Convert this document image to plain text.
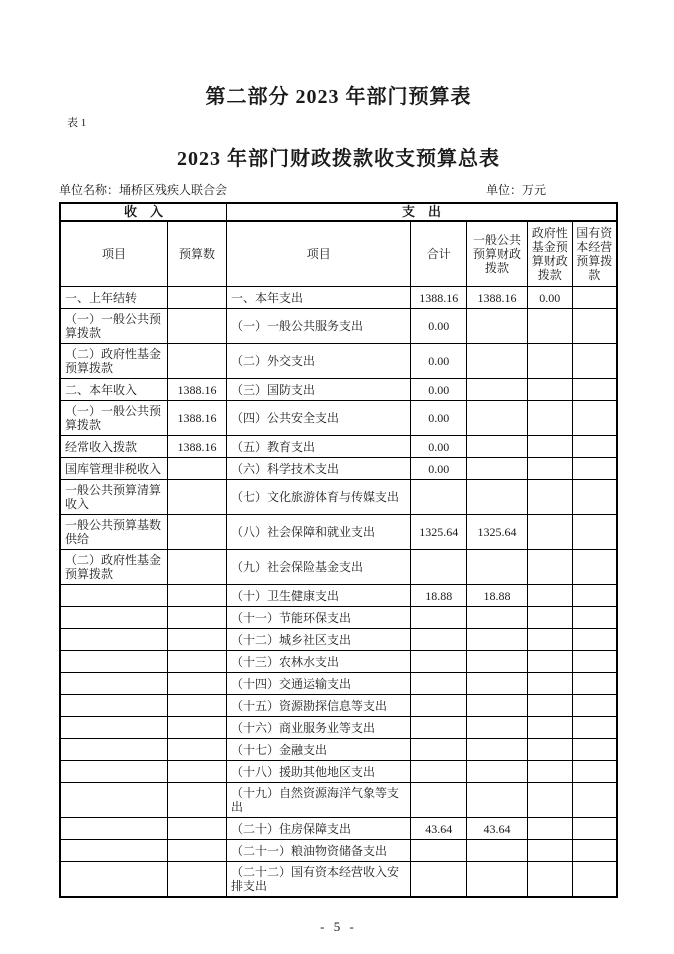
第二部分 2023 年部门预算表
表 1
2023 年部门财政拨款收支预算总表
单位名称：埇桥区残疾人联合会	单位：万元
收　入		支　出				
项目	预算数	项目	合计	一般公共预算财政拨款	政府性基金预算财政拨款	国有资本经营预算拨款
一、上年结转		一、本年支出	1388.16	1388.16	0.00	
（一）一般公共预算拨款		（一）一般公共服务支出	0.00			
（二）政府性基金预算拨款		（二）外交支出	0.00			
二、本年收入	1388.16	（三）国防支出	0.00			
（一）一般公共预算拨款	1388.16	（四）公共安全支出	0.00			
经常收入拨款	1388.16	（五）教育支出	0.00			
国库管理非税收入		（六）科学技术支出	0.00			
一般公共预算清算收入		（七）文化旅游体育与传媒支出				
一般公共预算基数供给		（八）社会保障和就业支出	1325.64	1325.64		
（二）政府性基金预算拨款		（九）社会保险基金支出				
		（十）卫生健康支出	18.88	18.88		
		（十一）节能环保支出				
		（十二）城乡社区支出				
		（十三）农林水支出				
		（十四）交通运输支出				
		（十五）资源勘探信息等支出				
		（十六）商业服务业等支出				
		（十七）金融支出				
		（十八）援助其他地区支出				
		（十九）自然资源海洋气象等支出				
		（二十）住房保障支出	43.64	43.64		
		（二十一）粮油物资储备支出				
		（二十二）国有资本经营收入安排支出				
- 5 -
